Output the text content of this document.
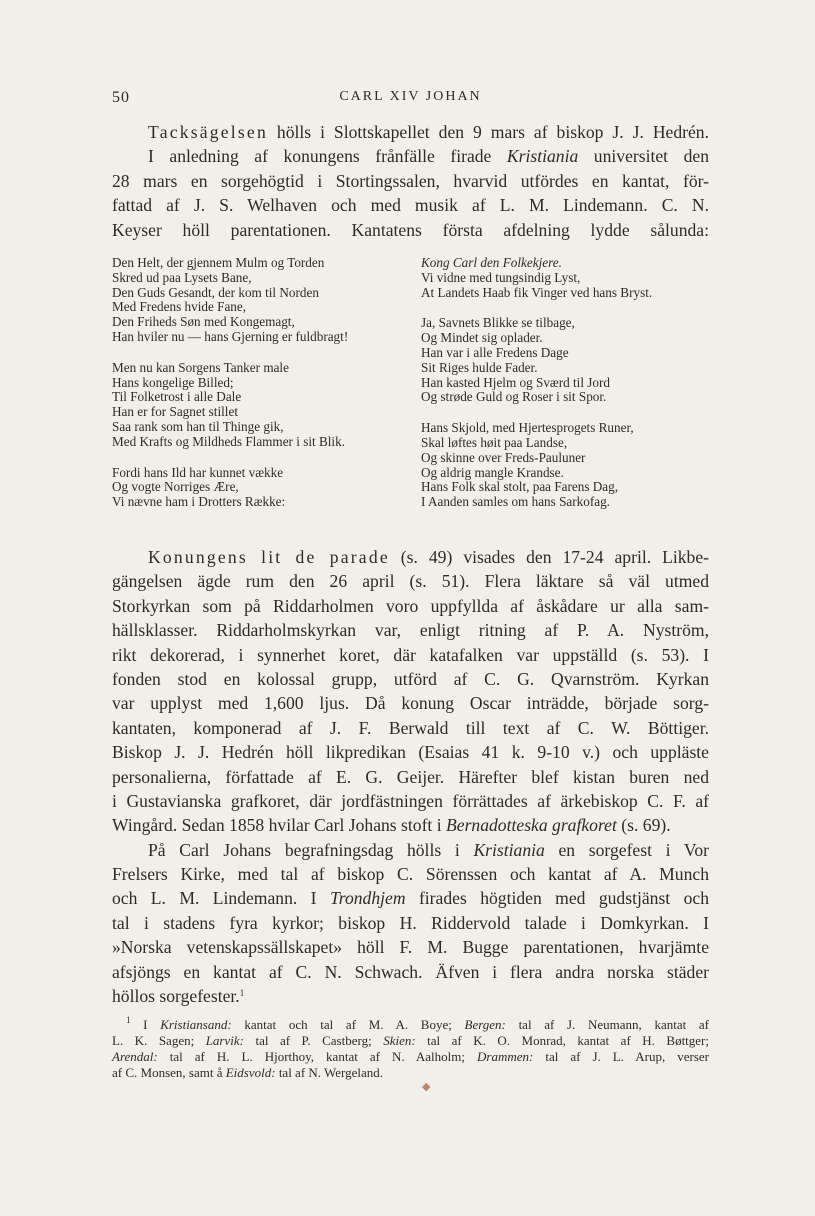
50	CARL XIV JOHAN
Tacksägelsen hölls i Slottskapellet den 9 mars af biskop J. J. Hedrén.
I anledning af konungens frånfälle firade Kristiania universitet den
28 mars en sorgehögtid i Stortingssalen, hvarvid utfördes en kantat, för-
fattad af J. S. Welhaven och med musik af L. M. Lindemann. C. N.
Keyser höll parentationen. Kantatens första afdelning lydde sålunda:
Den Helt, der gjennem Mulm og Torden
Skred ud paa Lysets Bane,
Den Guds Gesandt, der kom til Norden
Med Fredens hvide Fane,
Den Friheds Søn med Kongemagt,
Han hviler nu — hans Gjerning er fuldbragt!
Men nu kan Sorgens Tanker male
Hans kongelige Billed;
Til Folketrost i alle Dale
Han er for Sagnet stillet
Saa rank som han til Thinge gik,
Med Krafts og Mildheds Flammer i sit Blik.
Fordi hans Ild har kunnet vække
Og vogte Norriges Ære,
Vi nævne ham i Drotters Række:
Kong Carl den Folkekjere.
Vi vidne med tungsindig Lyst,
At Landets Haab fik Vinger ved hans Bryst.
Ja, Savnets Blikke se tilbage,
Og Mindet sig oplader.
Han var i alle Fredens Dage
Sit Riges hulde Fader.
Han kasted Hjelm og Sværd til Jord
Og strøde Guld og Roser i sit Spor.
Hans Skjold, med Hjertesprogets Runer,
Skal løftes høit paa Landse,
Og skinne over Freds-Pauluner
Og aldrig mangle Krandse.
Hans Folk skal stolt, paa Farens Dag,
I Aanden samles om hans Sarkofag.
Konungens lit de parade (s. 49) visades den 17-24 april. Likbe-
gängelsen ägde rum den 26 april (s. 51). Flera läktare så väl utmed
Storkyrkan som på Riddarholmen voro uppfyllda af åskådare ur alla sam-
hällsklasser. Riddarholmskyrkan var, enligt ritning af P. A. Nyström,
rikt dekorerad, i synnerhet koret, där katafalken var uppställd (s. 53). I
fonden stod en kolossal grupp, utförd af C. G. Qvarnström. Kyrkan
var upplyst med 1,600 ljus. Då konung Oscar inträdde, började sorg-
kantaten, komponerad af J. F. Berwald till text af C. W. Böttiger.
Biskop J. J. Hedrén höll likpredikan (Esaias 41 k. 9-10 v.) och uppläste
personalierna, författade af E. G. Geijer. Härefter blef kistan buren ned
i Gustavianska grafkoret, där jordfästningen förrättades af ärkebiskop C. F. af
Wingård. Sedan 1858 hvilar Carl Johans stoft i Bernadotteska grafkoret (s. 69).
På Carl Johans begrafningsdag hölls i Kristiania en sorgefest i Vor
Frelsers Kirke, med tal af biskop C. Sörenssen och kantat af A. Munch
och L. M. Lindemann. I Trondhjem firades högtiden med gudstjänst och
tal i stadens fyra kyrkor; biskop H. Riddervold talade i Domkyrkan. I
»Norska vetenskapssällskapet» höll F. M. Bugge parentationen, hvarjämte
afsjöngs en kantat af C. N. Schwach. Äfven i flera andra norska städer
höllos sorgefester.$^1$
$^1$ I Kristiansand: kantat och tal af M. A. Boye; Bergen: tal af J. Neumann, kantat af
L. K. Sagen; Larvik: tal af P. Castberg; Skien: tal af K. O. Monrad, kantat af H. Bøttger;
Arendal: tal af H. L. Hjorthoy, kantat af N. Aalholm; Drammen: tal af J. L. Arup, verser
af C. Monsen, samt å Eidsvold: tal af N. Wergeland.
◆
